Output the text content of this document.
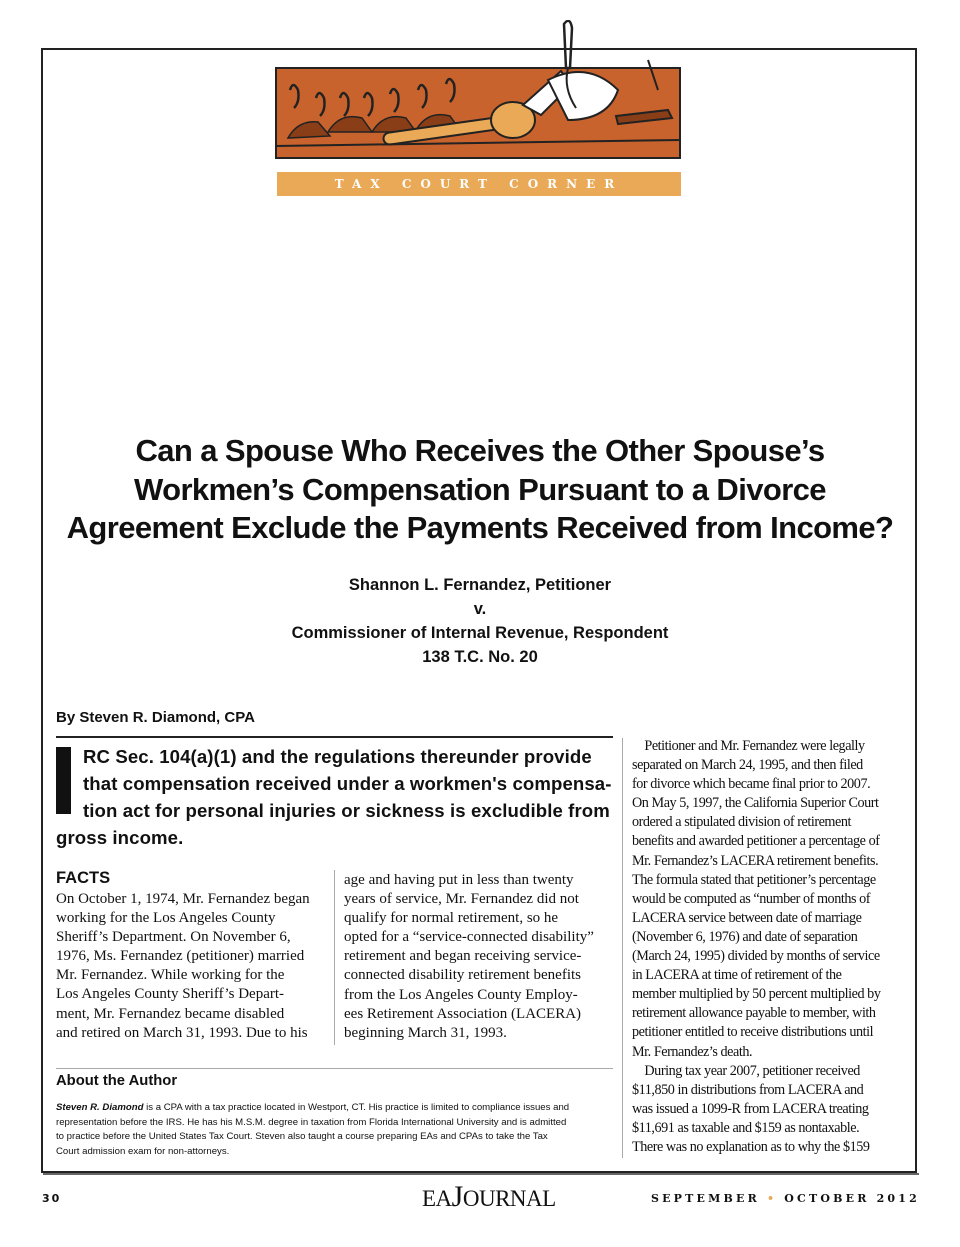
TAX COURT CORNER
Can a Spouse Who Receives the Other Spouse’s
Workmen’s Compensation Pursuant to a Divorce
Agreement Exclude the Payments Received from Income?
Shannon L. Fernandez, Petitioner
v.
Commissioner of Internal Revenue, Respondent
138 T.C. No. 20
By Steven R. Diamond, CPA
RC Sec. 104(a)(1) and the regulations thereunder provide
that compensation received under a workmen's compensa-
tion act for personal injuries or sickness is excludible from
gross income.
FACTS
On October 1, 1974, Mr. Fernandez began
working for the Los Angeles County
Sheriff’s Department. On November 6,
1976, Ms. Fernandez (petitioner) married
Mr. Fernandez. While working for the
Los Angeles County Sheriff’s Depart-
ment, Mr. Fernandez became disabled
and retired on March 31, 1993. Due to his
age and having put in less than twenty
years of service, Mr. Fernandez did not
qualify for normal retirement, so he
opted for a “service-connected disability”
retirement and began receiving service-
connected disability retirement benefits
from the Los Angeles County Employ-
ees Retirement Association (LACERA)
beginning March 31, 1993.
About the Author
Steven R. Diamond is a CPA with a tax practice located in Westport, CT. His practice is limited to compliance issues and
representation before the IRS. He has his M.S.M. degree in taxation from Florida International University and is admitted
to practice before the United States Tax Court. Steven also taught a course preparing EAs and CPAs to take the Tax
Court admission exam for non-attorneys.
Petitioner and Mr. Fernandez were legally
separated on March 24, 1995, and then filed
for divorce which became final prior to 2007.
On May 5, 1997, the California Superior Court
ordered a stipulated division of retirement
benefits and awarded petitioner a percentage of
Mr. Fernandez’s LACERA retirement benefits.
The formula stated that petitioner’s percentage
would be computed as “number of months of
LACERA service between date of marriage
(November 6, 1976) and date of separation
(March 24, 1995) divided by months of service
in LACERA at time of retirement of the
member multiplied by 50 percent multiplied by
retirement allowance payable to member, with
petitioner entitled to receive distributions until
Mr. Fernandez’s death.
During tax year 2007, petitioner received
$11,850 in distributions from LACERA and
was issued a 1099-R from LACERA treating
$11,691 as taxable and $159 as nontaxable.
There was no explanation as to why the $159
30	EAJOURNAL	SEPTEMBER • OCTOBER 2012
